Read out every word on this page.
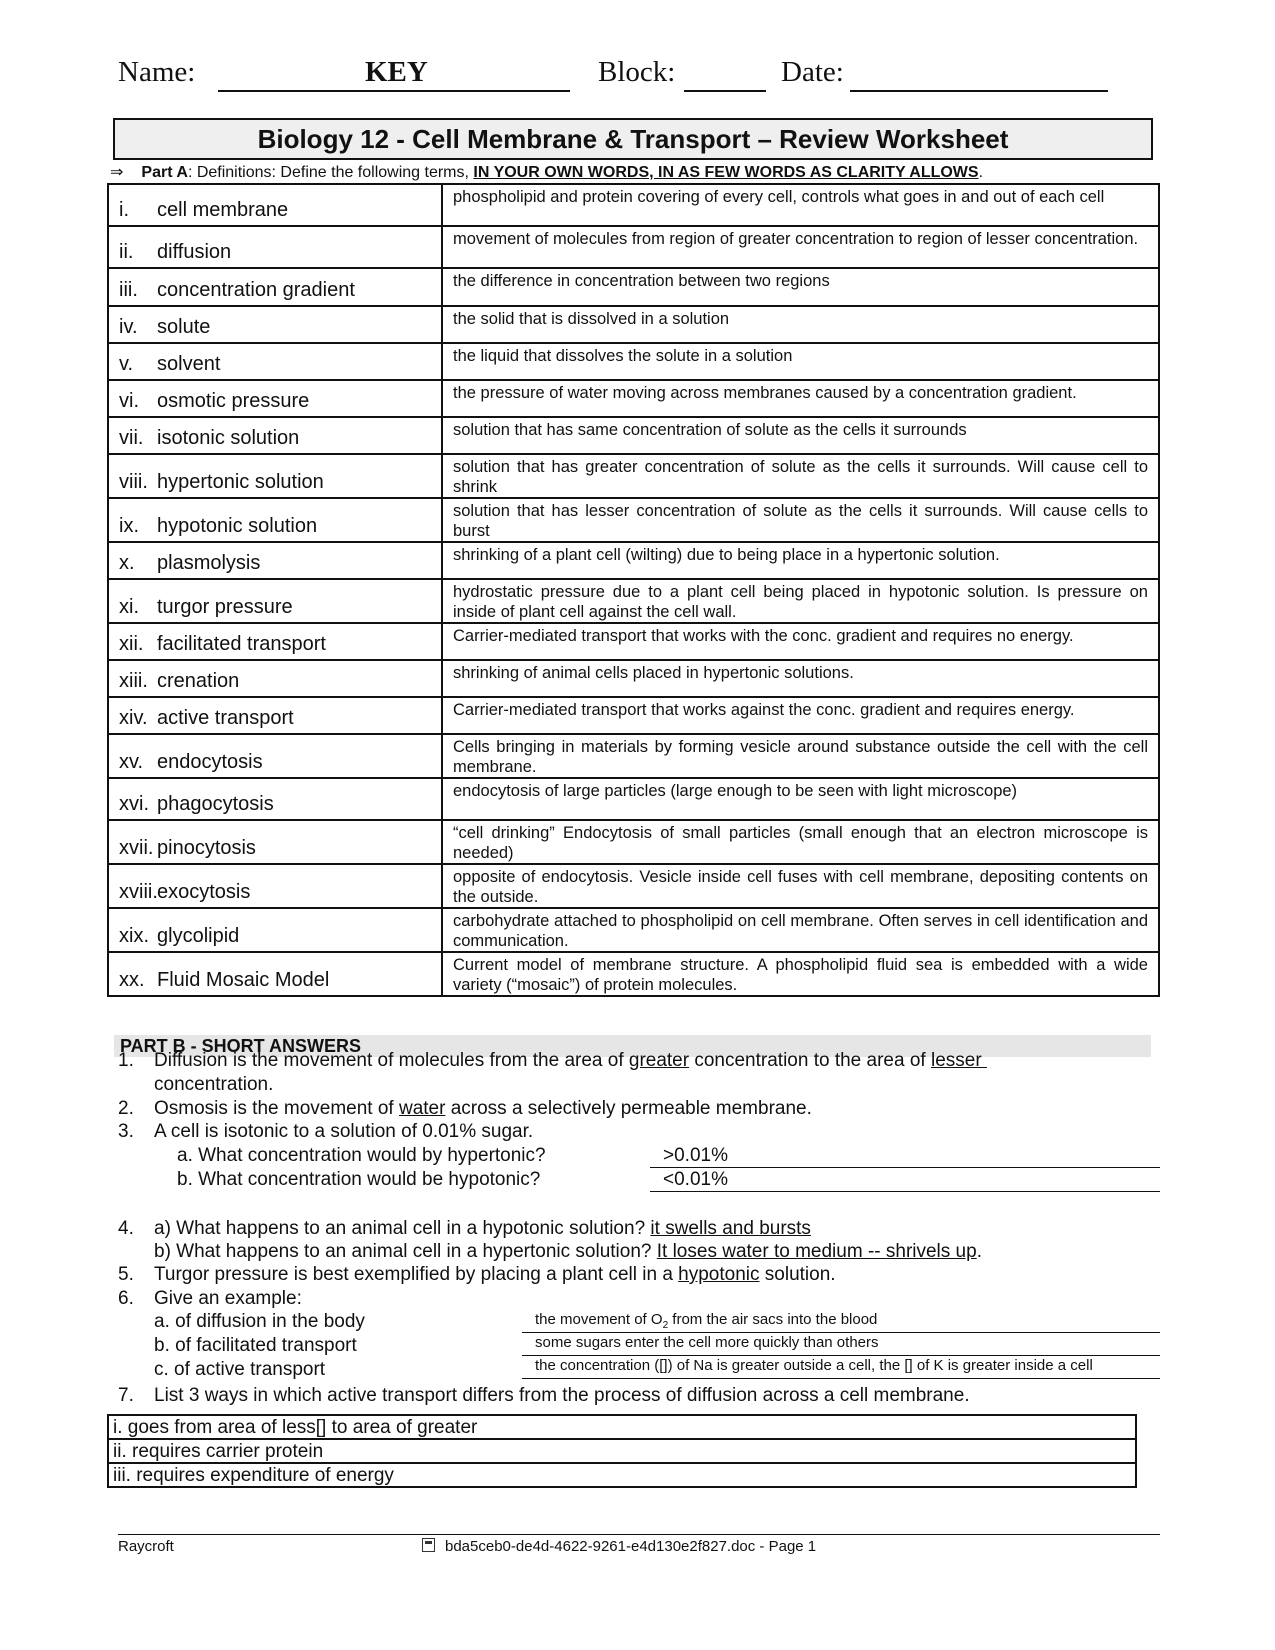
Name:	KEY	Block:	Date:
Biology 12 - Cell Membrane & Transport – Review Worksheet
⇒ Part A: Definitions: Define the following terms, IN YOUR OWN WORDS, IN AS FEW WORDS AS CLARITY ALLOWS.
i. cell membrane	phospholipid and protein covering of every cell, controls what goes in and out of each cell
ii. diffusion	movement of molecules from region of greater concentration to region of lesser concentration.
iii. concentration gradient	the difference in concentration between two regions
iv. solute	the solid that is dissolved in a solution
v. solvent	the liquid that dissolves the solute in a solution
vi. osmotic pressure	the pressure of water moving across membranes caused by a concentration gradient.
vii. isotonic solution	solution that has same concentration of solute as the cells it surrounds
viii. hypertonic solution	solution that has greater concentration of solute as the cells it surrounds. Will cause cell to shrink
ix. hypotonic solution	solution that has lesser concentration of solute as the cells it surrounds. Will cause cells to burst
x. plasmolysis	shrinking of a plant cell (wilting) due to being place in a hypertonic solution.
xi. turgor pressure	hydrostatic pressure due to a plant cell being placed in hypotonic solution. Is pressure on inside of plant cell against the cell wall.
xii. facilitated transport	Carrier-mediated transport that works with the conc. gradient and requires no energy.
xiii. crenation	shrinking of animal cells placed in hypertonic solutions.
xiv. active transport	Carrier-mediated transport that works against the conc. gradient and requires energy.
xv. endocytosis	Cells bringing in materials by forming vesicle around substance outside the cell with the cell membrane.
xvi. phagocytosis	endocytosis of large particles (large enough to be seen with light microscope)
xvii. pinocytosis	“cell drinking” Endocytosis of small particles (small enough that an electron microscope is needed)
xviii.exocytosis	opposite of endocytosis. Vesicle inside cell fuses with cell membrane, depositing contents on the outside.
xix. glycolipid	carbohydrate attached to phospholipid on cell membrane. Often serves in cell identification and communication.
xx. Fluid Mosaic Model	Current model of membrane structure. A phospholipid fluid sea is embedded with a wide variety (“mosaic”) of protein molecules.
PART B - SHORT ANSWERS
1. Diffusion is the movement of molecules from the area of greater concentration to the area of lesser
concentration.
2. Osmosis is the movement of water across a selectively permeable membrane.
3. A cell is isotonic to a solution of 0.01% sugar.
a. What concentration would by hypertonic?	>0.01%
b. What concentration would be hypotonic?	<0.01%
4. a) What happens to an animal cell in a hypotonic solution? it swells and bursts
b) What happens to an animal cell in a hypertonic solution? It loses water to medium -- shrivels up.
5. Turgor pressure is best exemplified by placing a plant cell in a hypotonic solution.
6. Give an example:
a. of diffusion in the body	the movement of $O_2$ from the air sacs into the blood
b. of facilitated transport	some sugars enter the cell more quickly than others
c. of active transport	the concentration ([]) of Na is greater outside a cell, the [] of K is greater inside a cell
7. List 3 ways in which active transport differs from the process of diffusion across a cell membrane.
i. goes from area of less[] to area of greater
ii. requires carrier protein
iii. requires expenditure of energy
Raycroft	bda5ceb0-de4d-4622-9261-e4d130e2f827.doc - Page 1
